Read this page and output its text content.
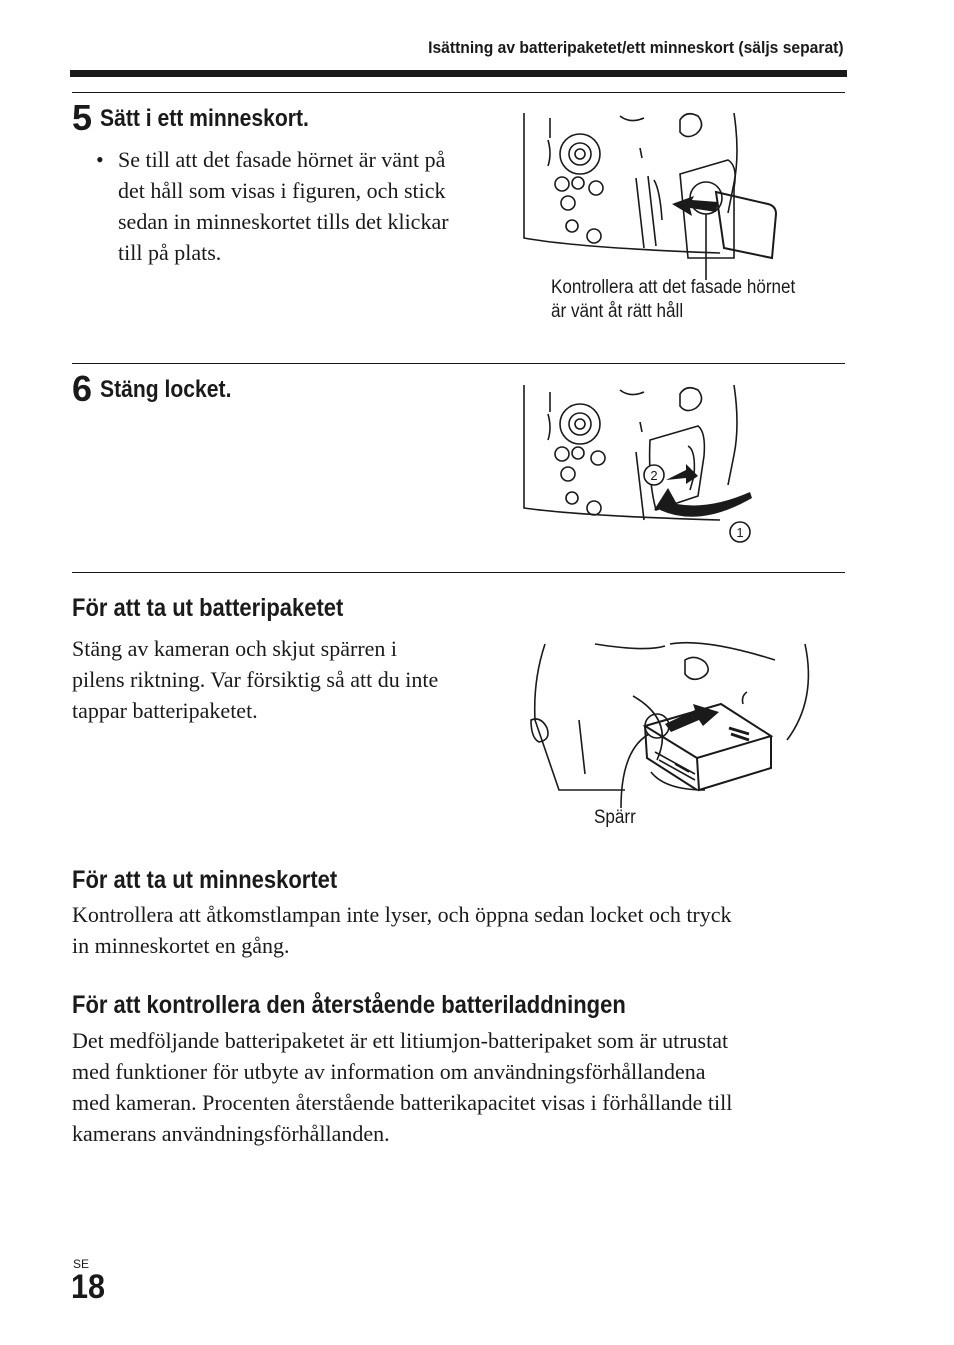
Isättning av batteripaketet/ett minneskort (säljs separat)
5 Sätt i ett minneskort.
• Se till att det fasade hörnet är vänt på
det håll som visas i figuren, och stick
sedan in minneskortet tills det klickar
till på plats.
Kontrollera att det fasade hörnet
är vänt åt rätt håll
6 Stäng locket.
2
1
För att ta ut batteripaketet
Stäng av kameran och skjut spärren i
pilens riktning. Var försiktig så att du inte
tappar batteripaketet.
Spärr
För att ta ut minneskortet
Kontrollera att åtkomstlampan inte lyser, och öppna sedan locket och tryck
in minneskortet en gång.
För att kontrollera den återstående batteriladdningen
Det medföljande batteripaketet är ett litiumjon-batteripaket som är utrustat
med funktioner för utbyte av information om användningsförhållandena
med kameran. Procenten återstående batterikapacitet visas i förhållande till
kamerans användningsförhållanden.
SE
18
